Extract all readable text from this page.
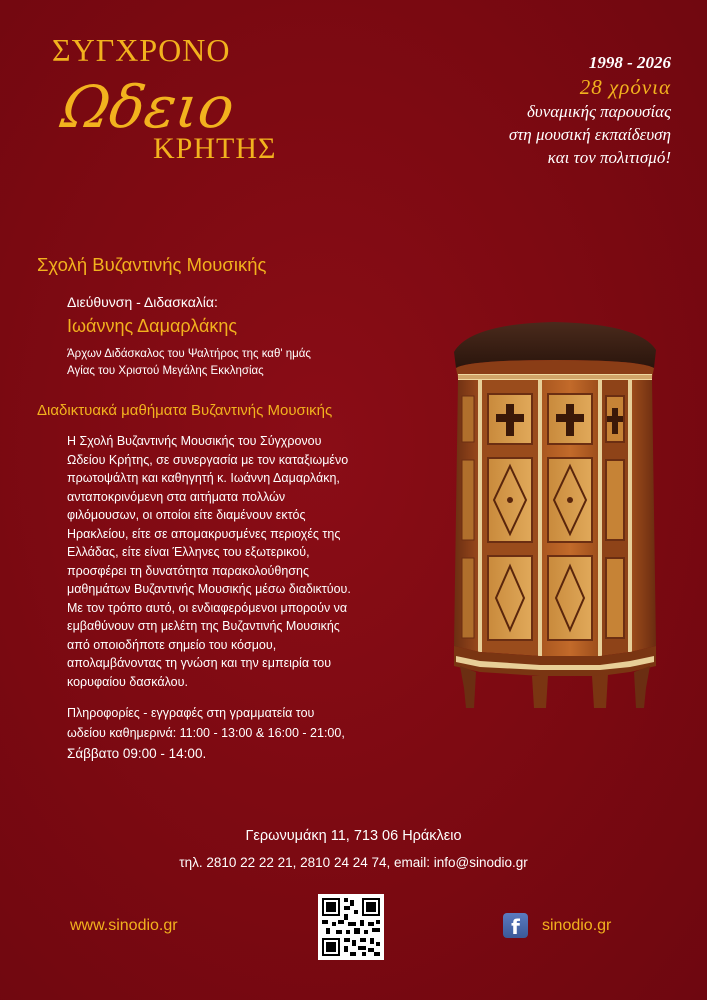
ΣΥΓΧΡΟΝΟ
Ωδειο
ΚΡΗΤΗΣ
1998 - 2026
28 χρόνια
δυναμικής παρουσίας
στη μουσική εκπαίδευση
και τον πολιτισμό!
Σχολή Βυζαντινής Μουσικής
Διεύθυνση - Διδασκαλία:
Ιωάννης Δαμαρλάκης
Άρχων Διδάσκαλος του Ψαλτήρος της καθ' ημάς
Αγίας του Χριστού Μεγάλης Εκκλησίας
Διαδικτυακά μαθήματα Βυζαντινής Μουσικής
Η Σχολή Βυζαντινής Μουσικής του Σύγχρονου
Ωδείου Κρήτης, σε συνεργασία με τον καταξιωμένο
πρωτοψάλτη και καθηγητή κ. Ιωάννη Δαμαρλάκη,
ανταποκρινόμενη στα αιτήματα πολλών
φιλόμουσων, οι οποίοι είτε διαμένουν εκτός
Ηρακλείου, είτε σε απομακρυσμένες περιοχές της
Ελλάδας, είτε είναι Έλληνες του εξωτερικού,
προσφέρει τη δυνατότητα παρακολούθησης
μαθημάτων Βυζαντινής Μουσικής μέσω διαδικτύου.
Με τον τρόπο αυτό, οι ενδιαφερόμενοι μπορούν να
εμβαθύνουν στη μελέτη της Βυζαντινής Μουσικής
από οποιοδήποτε σημείο του κόσμου,
απολαμβάνοντας τη γνώση και την εμπειρία του
κορυφαίου δασκάλου.
Πληροφορίες - εγγραφές στη γραμματεία του
ωδείου καθημερινά: 11:00 - 13:00 & 16:00 - 21:00,
Σάββατο 09:00 - 14:00.
Γερωνυμάκη 11, 713 06 Ηράκλειο
τηλ. 2810 22 22 21, 2810 24 24 74, email: info@sinodio.gr
www.sinodio.gr	f	sinodio.gr
